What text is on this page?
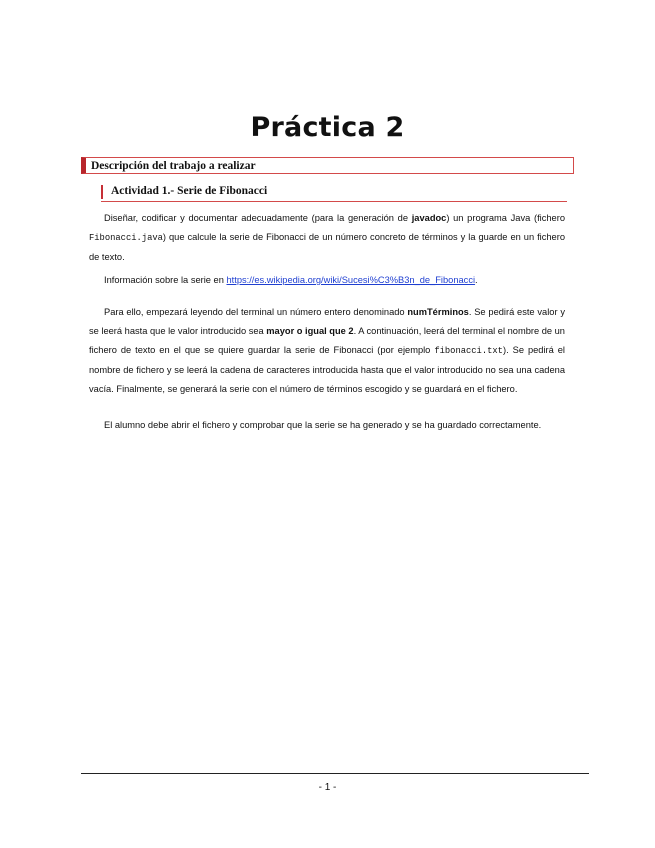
Práctica 2
Descripción del trabajo a realizar
Actividad 1.- Serie de Fibonacci

Diseñar, codificar y documentar adecuadamente (para la generación de javadoc) un programa Java (fichero Fibonacci.java) que calcule la serie de Fibonacci de un número concreto de términos y la guarde en un fichero de texto.

Información sobre la serie en https://es.wikipedia.org/wiki/Sucesi%C3%B3n_de_Fibonacci.

Para ello, empezará leyendo del terminal un número entero denominado numTérminos. Se pedirá este valor y se leerá hasta que le valor introducido sea mayor o igual que 2. A continuación, leerá del terminal el nombre de un fichero de texto en el que se quiere guardar la serie de Fibonacci (por ejemplo fibonacci.txt). Se pedirá el nombre de fichero y se leerá la cadena de caracteres introducida hasta que el valor introducido no sea una cadena vacía. Finalmente, se generará la serie con el número de términos escogido y se guardará en el fichero.

El alumno debe abrir el fichero y comprobar que la serie se ha generado y se ha guardado correctamente.

- 1 -
